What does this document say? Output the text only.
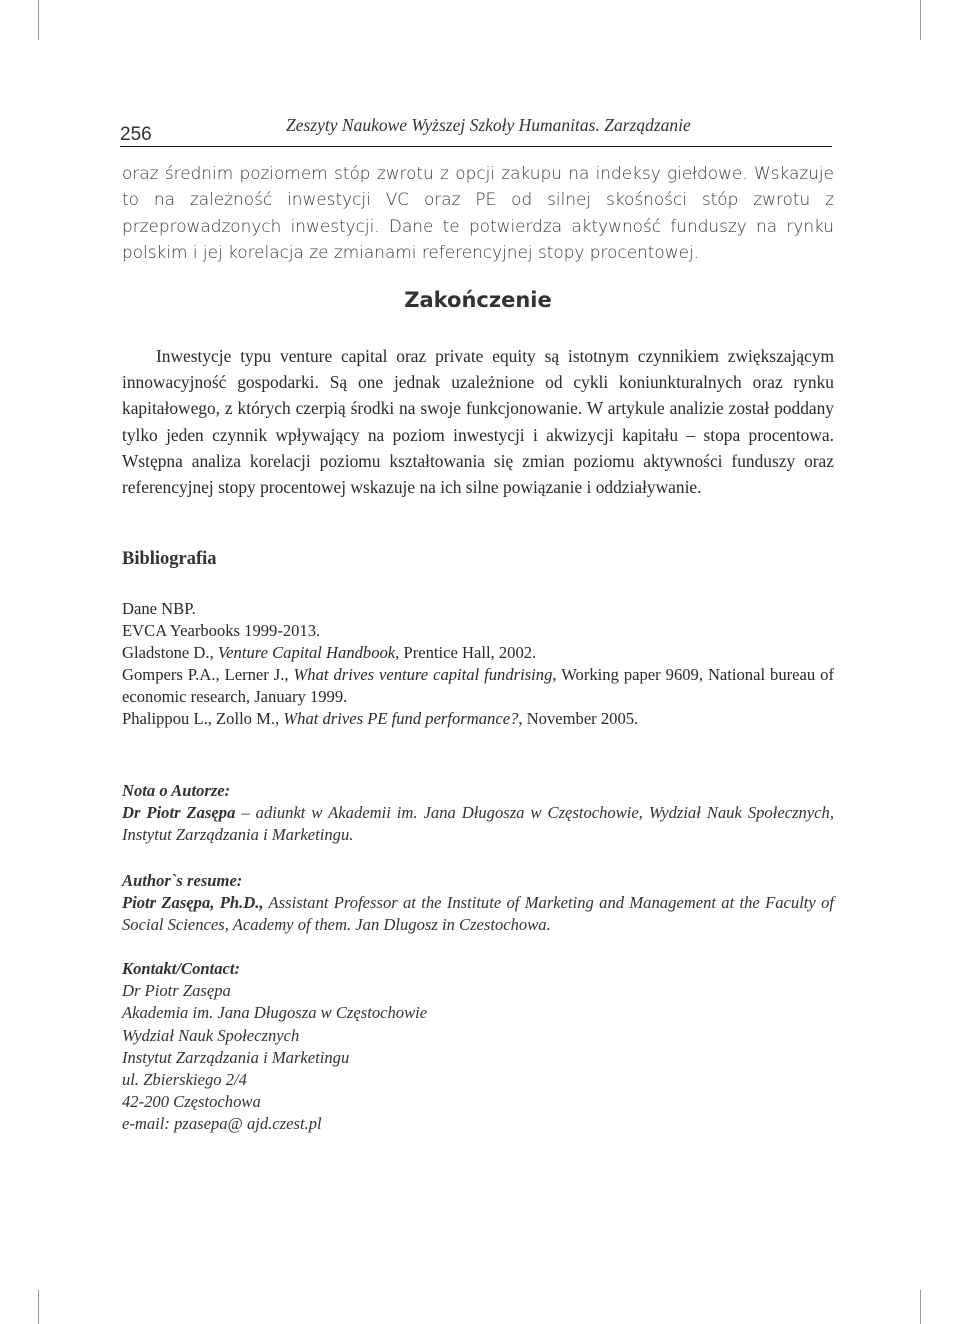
256	Zeszyty Naukowe Wyższej Szkoły Humanitas. Zarządzanie

oraz średnim poziomem stóp zwrotu z opcji zakupu na indeksy giełdowe. Wskazuje to na zależność inwestycji VC oraz PE od silnej skośności stóp zwrotu z przeprowadzonych inwestycji. Dane te potwierdza aktywność funduszy na rynku polskim i jej korelacja ze zmianami referencyjnej stopy procentowej.

Zakończenie

Inwestycje typu venture capital oraz private equity są istotnym czynnikiem zwiększającym innowacyjność gospodarki. Są one jednak uzależnione od cykli koniunkturalnych oraz rynku kapitałowego, z których czerpią środki na swoje funkcjonowanie. W artykule analizie został poddany tylko jeden czynnik wpływający na poziom inwestycji i akwizycji kapitału – stopa procentowa. Wstępna analiza korelacji poziomu kształtowania się zmian poziomu aktywności funduszy oraz referencyjnej stopy procentowej wskazuje na ich silne powiązanie i oddziaływanie.

Bibliografia
Dane NBP.
EVCA Yearbooks 1999-2013.
Gladstone D., Venture Capital Handbook, Prentice Hall, 2002.
Gompers P.A., Lerner J., What drives venture capital fundrising, Working paper 9609, National bureau of economic research, January 1999.
Phalippou L., Zollo M., What drives PE fund performance?, November 2005.

Nota o Autorze:

Dr Piotr Zasępa – adiunkt w Akademii im. Jana Długosza w Częstochowie, Wydział Nauk Społecznych, Instytut Zarządzania i Marketingu.

Author`s resume:

Piotr Zasępa, Ph.D., Assistant Professor at the Institute of Marketing and Management at the Faculty of Social Sciences, Academy of them. Jan Dlugosz in Czestochowa.

Kontakt/Contact:

Dr Piotr Zasępa
Akademia im. Jana Długosza w Częstochowie
Wydział Nauk Społecznych
Instytut Zarządzania i Marketingu
ul. Zbierskiego 2/4
42-200 Częstochowa
e-mail: pzasepa@ ajd.czest.pl
